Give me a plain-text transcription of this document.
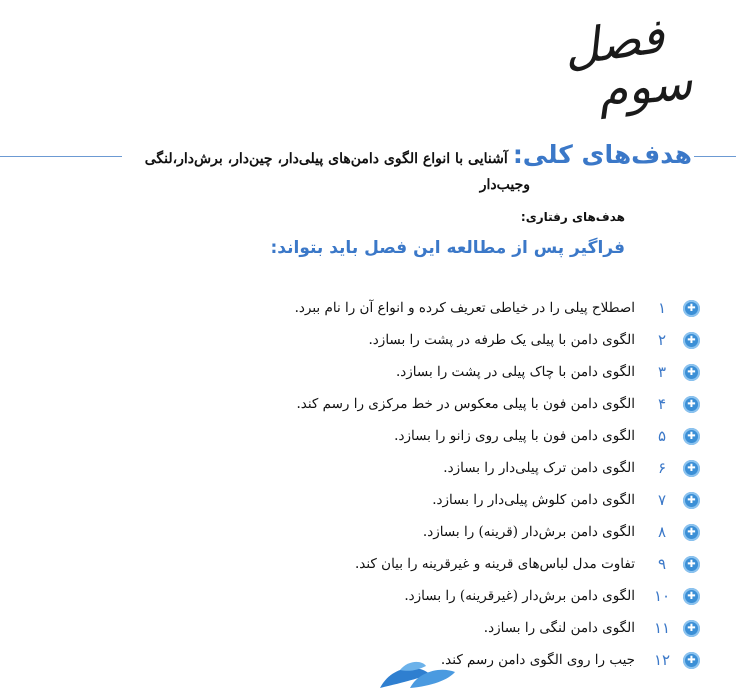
فصل
سوم
هدف‌های کلی: آشنایی با انواع الگوی دامن‌های پیلی‌دار، چین‌دار، برش‌دار،لنگی
وجیب‌دار
هدف‌های رفتاری:
فراگیر پس از مطالعه این فصل باید بتواند:
✚
۱
اصطلاح پیلی را در خیاطی تعریف کرده و انواع آن را نام ببرد.
✚
۲
الگوی دامن با پیلی یک طرفه در پشت را بسازد.
✚
۳
الگوی دامن با چاک پیلی در پشت را بسازد.
✚
۴
الگوی دامن فون با پیلی معکوس در خط مرکزی را رسم کند.
✚
۵
الگوی دامن فون با پیلی روی زانو را بسازد.
✚
۶
الگوی دامن ترک پیلی‌دار را بسازد.
✚
۷
الگوی دامن کلوش پیلی‌دار را بسازد.
✚
۸
الگوی دامن برش‌دار (قرینه) را بسازد.
✚
۹
تفاوت مدل لباس‌های قرینه و غیرقرینه را بیان کند.
✚
۱۰
الگوی دامن برش‌دار (غیرقرینه) را بسازد.
✚
۱۱
الگوی دامن لنگی را بسازد.
✚
۱۲
جیب را روی الگوی دامن رسم کند.
